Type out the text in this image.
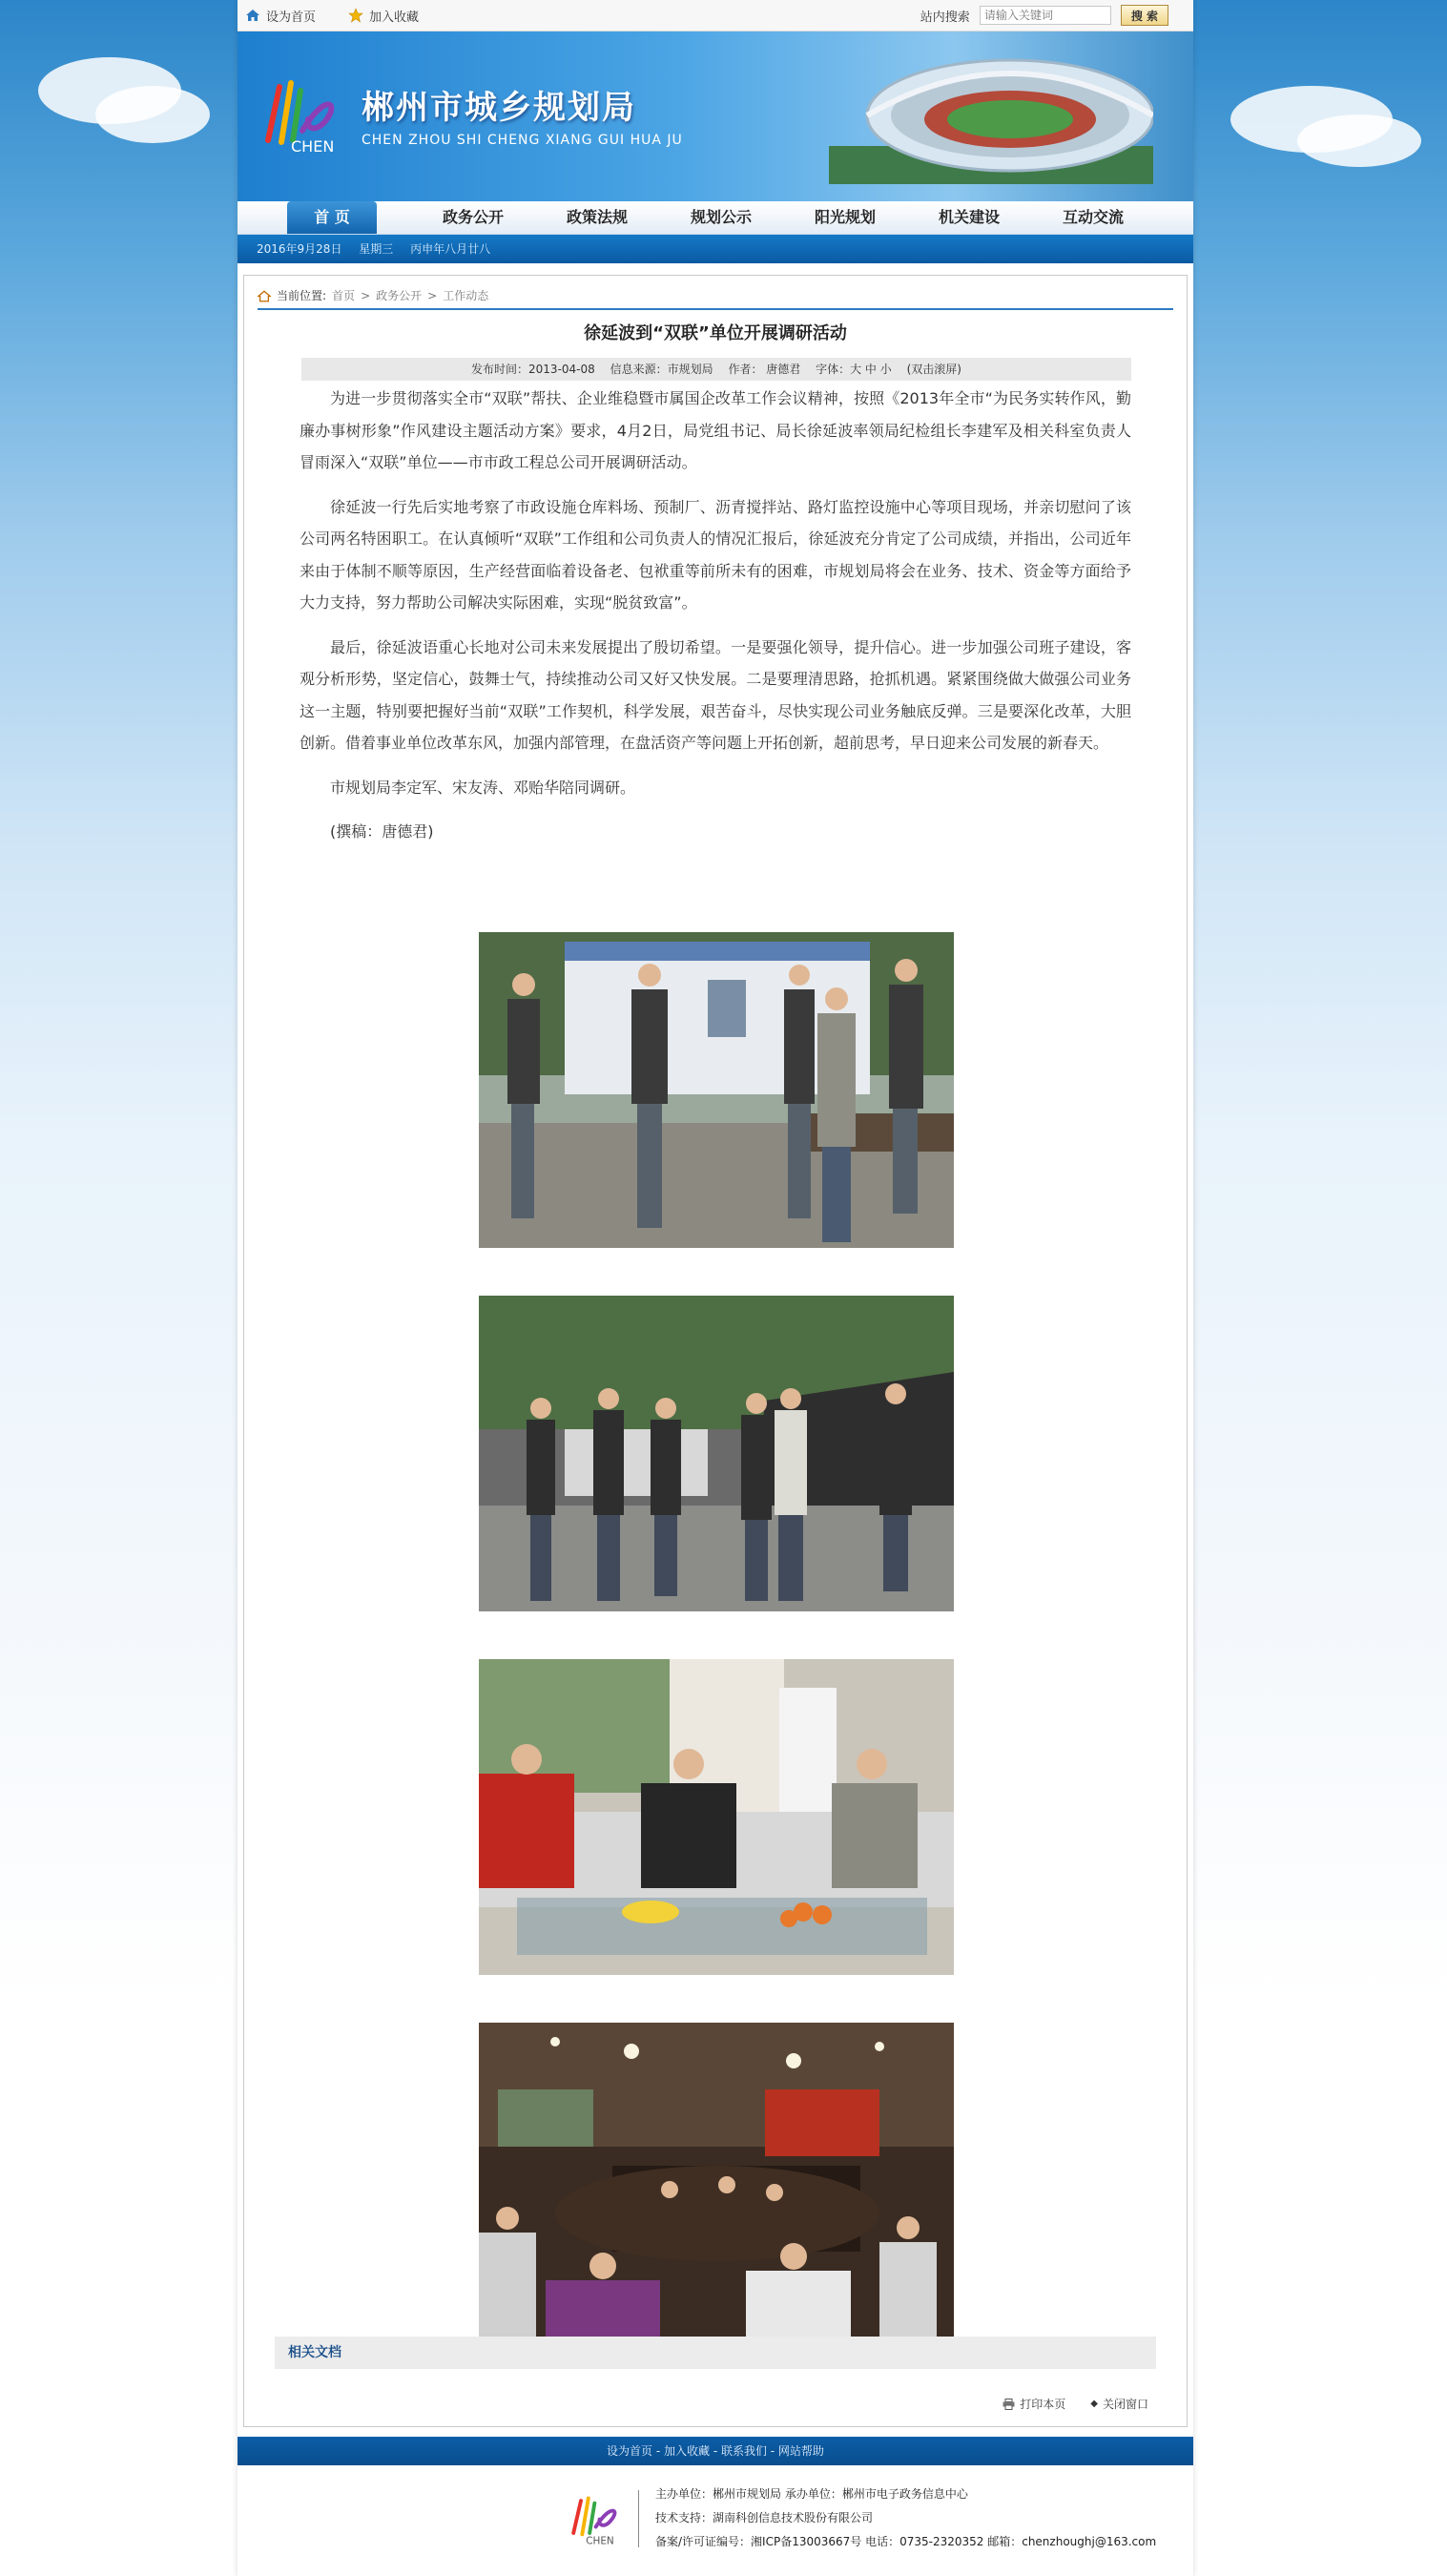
设为首页	加入收藏	站内搜索
请输入关键词	搜 索
CHEN
郴州市城乡规划局
CHEN ZHOU SHI CHENG XIANG GUI HUA JU
首 页	政务公开	政策法规	规划公示	阳光规划	机关建设	互动交流
2016年9月28日 星期三 丙申年八月廿八
当前位置: 首页 > 政务公开 > 工作动态
徐延波到“双联”单位开展调研活动
发布时间：2013-04-08 信息来源：市规划局 作者： 唐德君 字体：大 中 小 (双击滚屏)

为进一步贯彻落实全市“双联”帮扶、企业维稳暨市属国企改革工作会议精神，按照《2013年全市“为民务实转作风，勤廉办事树形象”作风建设主题活动方案》要求，4月2日，局党组书记、局长徐延波率领局纪检组长李建军及相关科室负责人冒雨深入“双联”单位——市市政工程总公司开展调研活动。

徐延波一行先后实地考察了市政设施仓库料场、预制厂、沥青搅拌站、路灯监控设施中心等项目现场，并亲切慰问了该公司两名特困职工。在认真倾听“双联”工作组和公司负责人的情况汇报后，徐延波充分肯定了公司成绩，并指出，公司近年来由于体制不顺等原因，生产经营面临着设备老、包袱重等前所未有的困难，市规划局将会在业务、技术、资金等方面给予大力支持，努力帮助公司解决实际困难，实现“脱贫致富”。

最后，徐延波语重心长地对公司未来发展提出了殷切希望。一是要强化领导，提升信心。进一步加强公司班子建设，客观分析形势，坚定信心，鼓舞士气，持续推动公司又好又快发展。二是要理清思路，抢抓机遇。紧紧围绕做大做强公司业务这一主题，特别要把握好当前“双联”工作契机，科学发展，艰苦奋斗，尽快实现公司业务触底反弹。三是要深化改革，大胆创新。借着事业单位改革东风，加强内部管理，在盘活资产等问题上开拓创新，超前思考，早日迎来公司发展的新春天。

市规划局李定军、宋友涛、邓贻华陪同调研。

(撰稿：唐德君)

相关文档
打印本页	◆ 关闭窗口
设为首页 - 加入收藏 - 联系我们 - 网站帮助
CHEN
主办单位：郴州市规划局 承办单位：郴州市电子政务信息中心
技术支持：湖南科创信息技术股份有限公司
备案/许可证编号：湘ICP备13003667号 电话：0735-2320352 邮箱：chenzhoughj@163.com
